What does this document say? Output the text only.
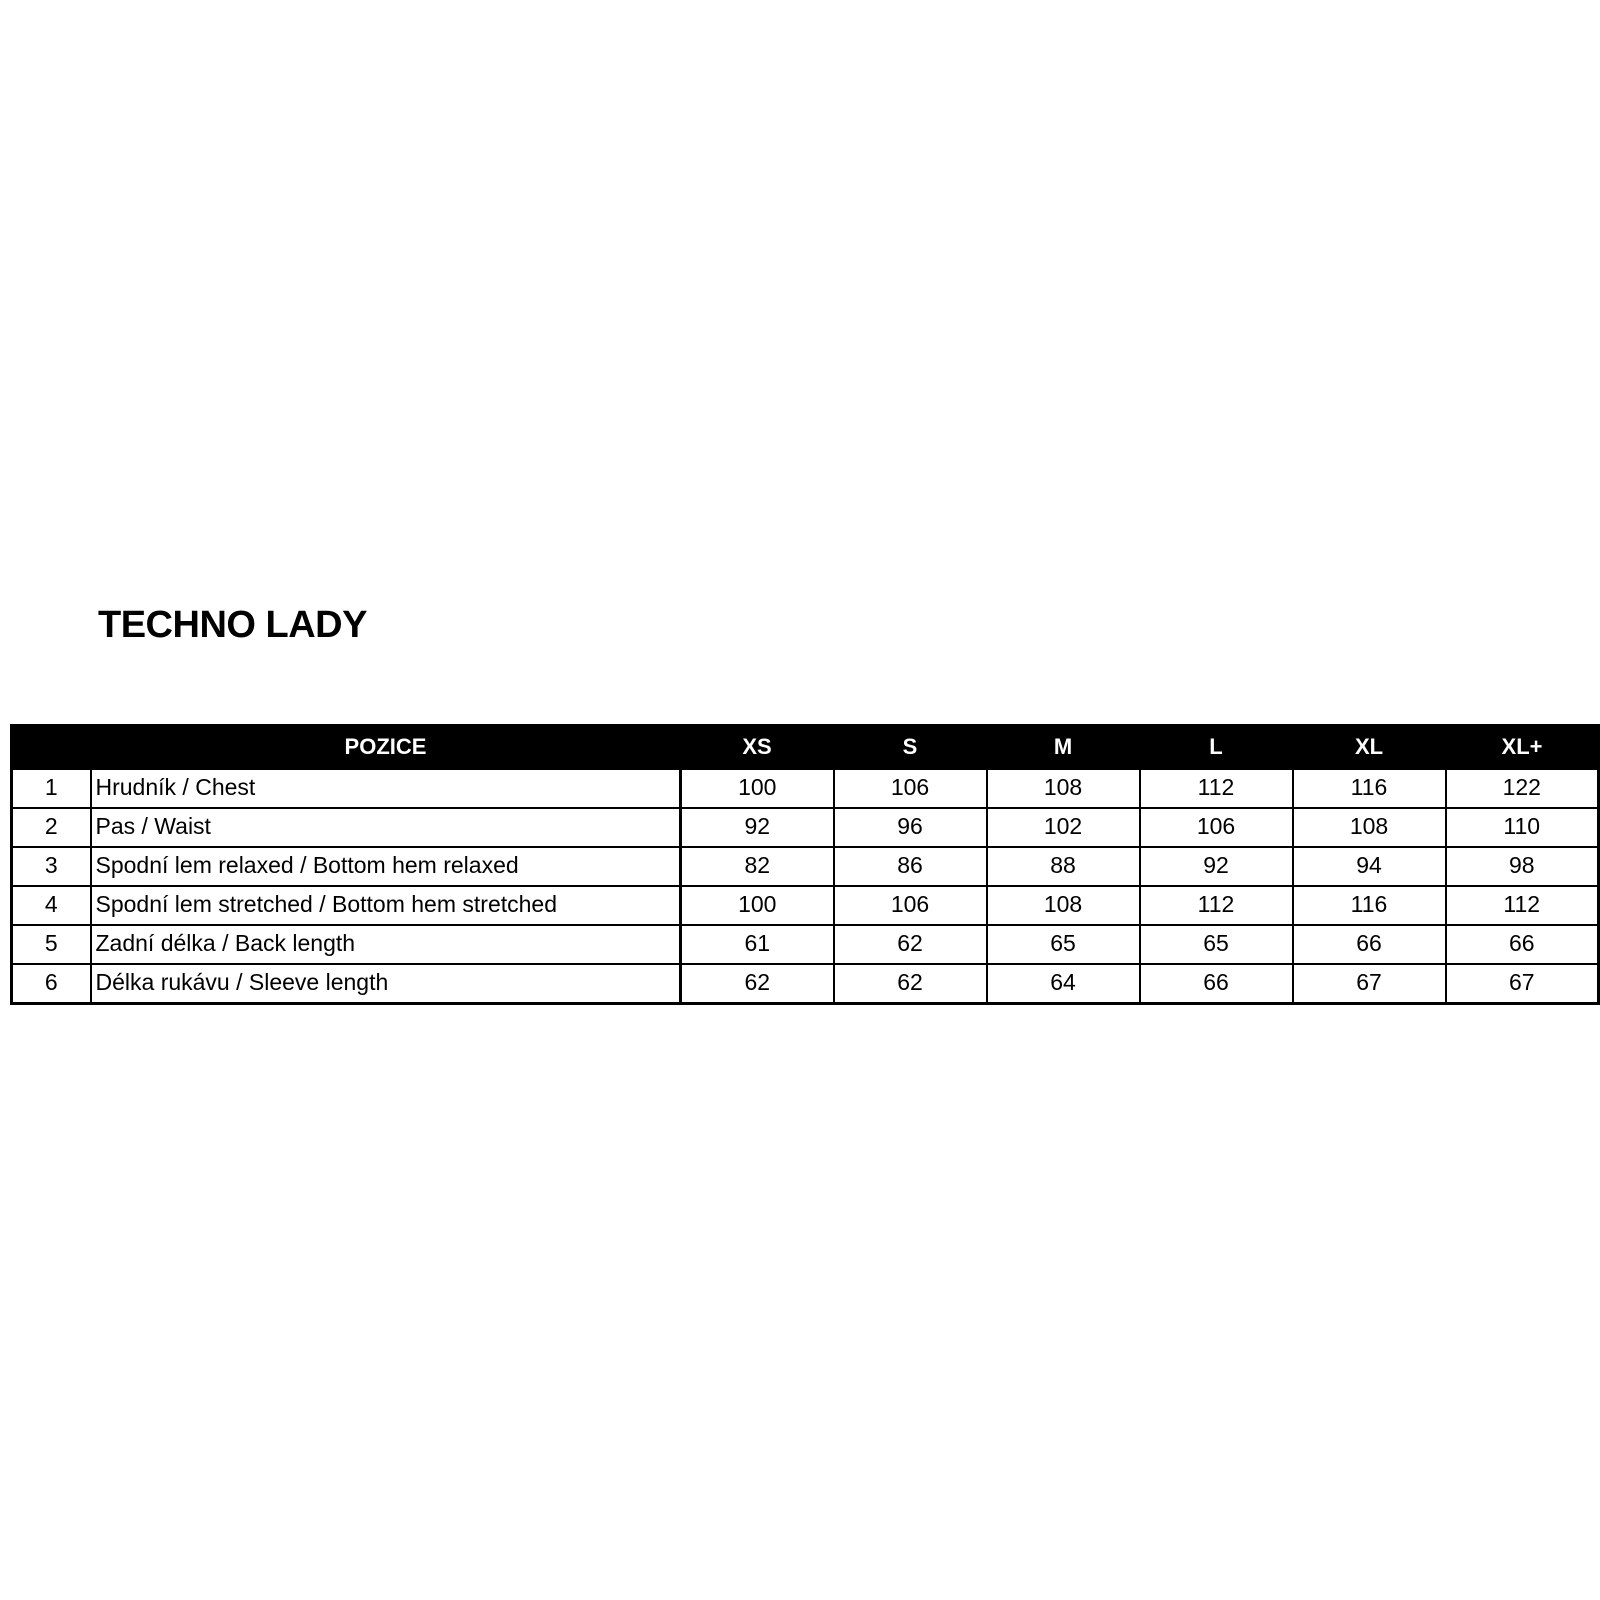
TECHNO LADY
	POZICE	XS	S	M	L	XL	XL+
1	Hrudník / Chest	100	106	108	112	116	122
2	Pas / Waist	92	96	102	106	108	110
3	Spodní lem relaxed / Bottom hem relaxed	82	86	88	92	94	98
4	Spodní lem stretched / Bottom hem stretched	100	106	108	112	116	112
5	Zadní délka / Back length	61	62	65	65	66	66
6	Délka rukávu / Sleeve length	62	62	64	66	67	67
